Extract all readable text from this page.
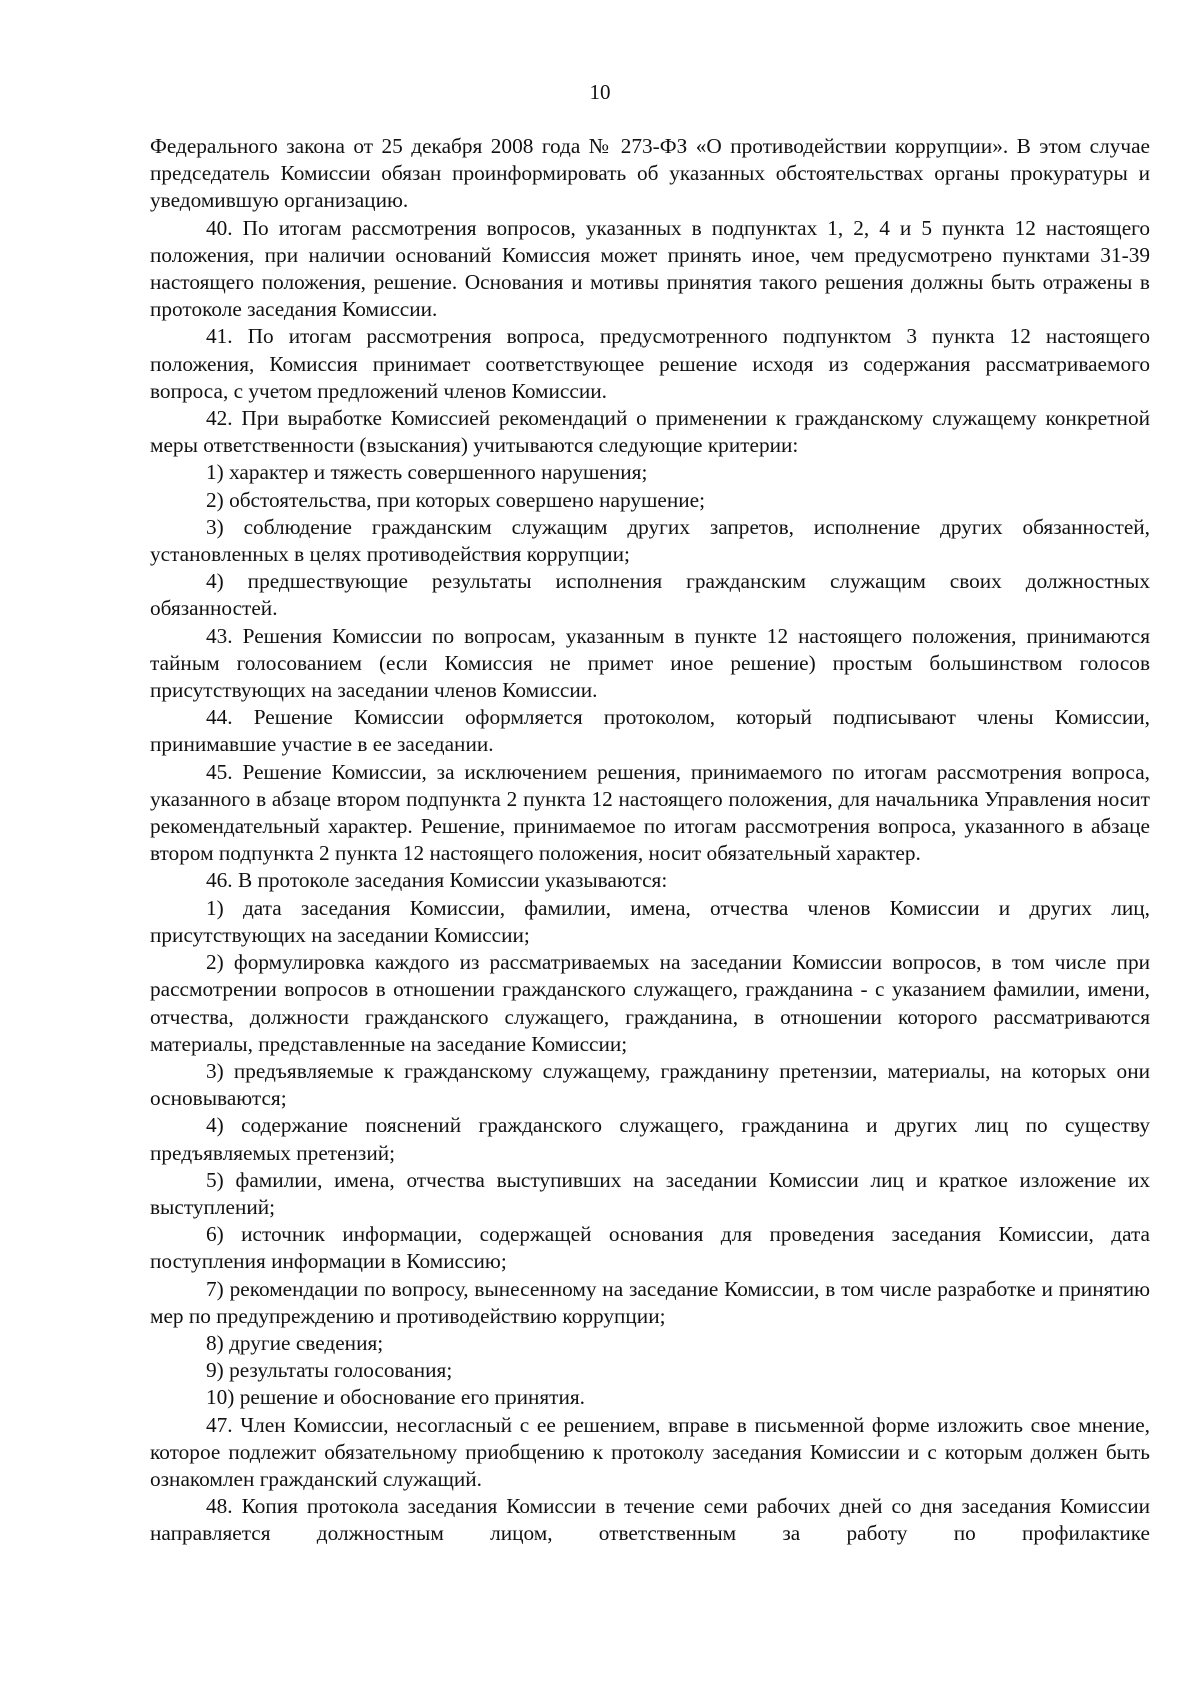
10

Федерального закона от 25 декабря 2008 года № 273-ФЗ «О противодействии коррупции». В этом случае председатель Комиссии обязан проинформировать об указанных обстоятельствах органы прокуратуры и уведомившую организацию.

40. По итогам рассмотрения вопросов, указанных в подпунктах 1, 2, 4 и 5 пункта 12 настоящего положения, при наличии оснований Комиссия может принять иное, чем предусмотрено пунктами 31-39 настоящего положения, решение. Основания и мотивы принятия такого решения должны быть отражены в протоколе заседания Комиссии.

41. По итогам рассмотрения вопроса, предусмотренного подпунктом 3 пункта 12 настоящего положения, Комиссия принимает соответствующее решение исходя из содержания рассматриваемого вопроса, с учетом предложений членов Комиссии.

42. При выработке Комиссией рекомендаций о применении к гражданскому служащему конкретной меры ответственности (взыскания) учитываются следующие критерии:

1) характер и тяжесть совершенного нарушения;

2) обстоятельства, при которых совершено нарушение;

3) соблюдение гражданским служащим других запретов, исполнение других обязанностей, установленных в целях противодействия коррупции;

4) предшествующие результаты исполнения гражданским служащим своих должностных обязанностей.

43. Решения Комиссии по вопросам, указанным в пункте 12 настоящего положения, принимаются тайным голосованием (если Комиссия не примет иное решение) простым большинством голосов присутствующих на заседании членов Комиссии.

44. Решение Комиссии оформляется протоколом, который подписывают члены Комиссии, принимавшие участие в ее заседании.

45. Решение Комиссии, за исключением решения, принимаемого по итогам рассмотрения вопроса, указанного в абзаце втором подпункта 2 пункта 12 настоящего положения, для начальника Управления носит рекомендательный характер. Решение, принимаемое по итогам рассмотрения вопроса, указанного в абзаце втором подпункта 2 пункта 12 настоящего положения, носит обязательный характер.

46. В протоколе заседания Комиссии указываются:

1) дата заседания Комиссии, фамилии, имена, отчества членов Комиссии и других лиц, присутствующих на заседании Комиссии;

2) формулировка каждого из рассматриваемых на заседании Комиссии вопросов, в том числе при рассмотрении вопросов в отношении гражданского служащего, гражданина - с указанием фамилии, имени, отчества, должности гражданского служащего, гражданина, в отношении которого рассматриваются материалы, представленные на заседание Комиссии;

3) предъявляемые к гражданскому служащему, гражданину претензии, материалы, на которых они основываются;

4) содержание пояснений гражданского служащего, гражданина и других лиц по существу предъявляемых претензий;

5) фамилии, имена, отчества выступивших на заседании Комиссии лиц и краткое изложение их выступлений;

6) источник информации, содержащей основания для проведения заседания Комиссии, дата поступления информации в Комиссию;

7) рекомендации по вопросу, вынесенному на заседание Комиссии, в том числе разработке и принятию мер по предупреждению и противодействию коррупции;

8) другие сведения;

9) результаты голосования;

10) решение и обоснование его принятия.

47. Член Комиссии, несогласный с ее решением, вправе в письменной форме изложить свое мнение, которое подлежит обязательному приобщению к протоколу заседания Комиссии и с которым должен быть ознакомлен гражданский служащий.

48. Копия протокола заседания Комиссии в течение семи рабочих дней со дня заседания Комиссии направляется должностным лицом, ответственным за работу по профилактике
